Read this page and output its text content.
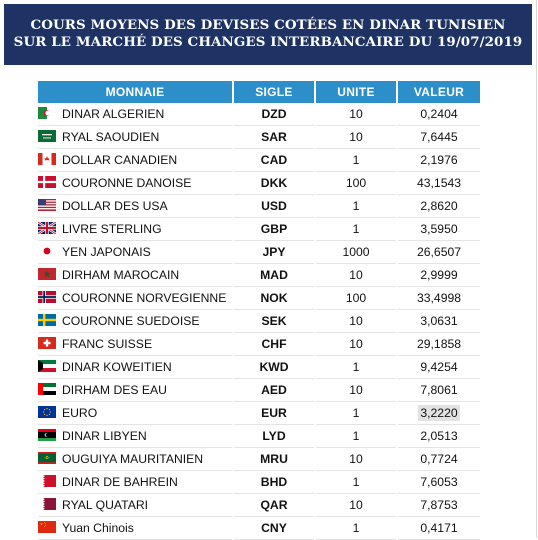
COURS MOYENS DES DEVISES COTÉES EN DINAR TUNISIEN
SUR LE MARCHÉ DES CHANGES INTERBANCAIRE DU 19/07/2019
MONNAIE	SIGLE	UNITE	VALEUR

DINAR ALGERIEN	DZD	10	0,2404

RYAL SAOUDIEN	SAR	10	7,6445

DOLLAR CANADIEN	CAD	1	2,1976

COURONNE DANOISE	DKK	100	43,1543

DOLLAR DES USA	USD	1	2,8620

LIVRE STERLING	GBP	1	3,5950

YEN JAPONAIS	JPY	1000	26,6507

DIRHAM MAROCAIN	MAD	10	2,9999

COURONNE NORVEGIENNE	NOK	100	33,4998

COURONNE SUEDOISE	SEK	10	3,0631

FRANC SUISSE	CHF	10	29,1858

DINAR KOWEITIEN	KWD	1	9,4254

DIRHAM DES EAU	AED	10	7,8061

EURO	EUR	1	3,2220

DINAR LIBYEN	LYD	1	2,0513

OUGUIYA MAURITANIEN	MRU	10	0,7724

DINAR DE BAHREIN	BHD	1	7,6053

RYAL QUATARI	QAR	10	7,8753

Yuan Chinois	CNY	1	0,4171
